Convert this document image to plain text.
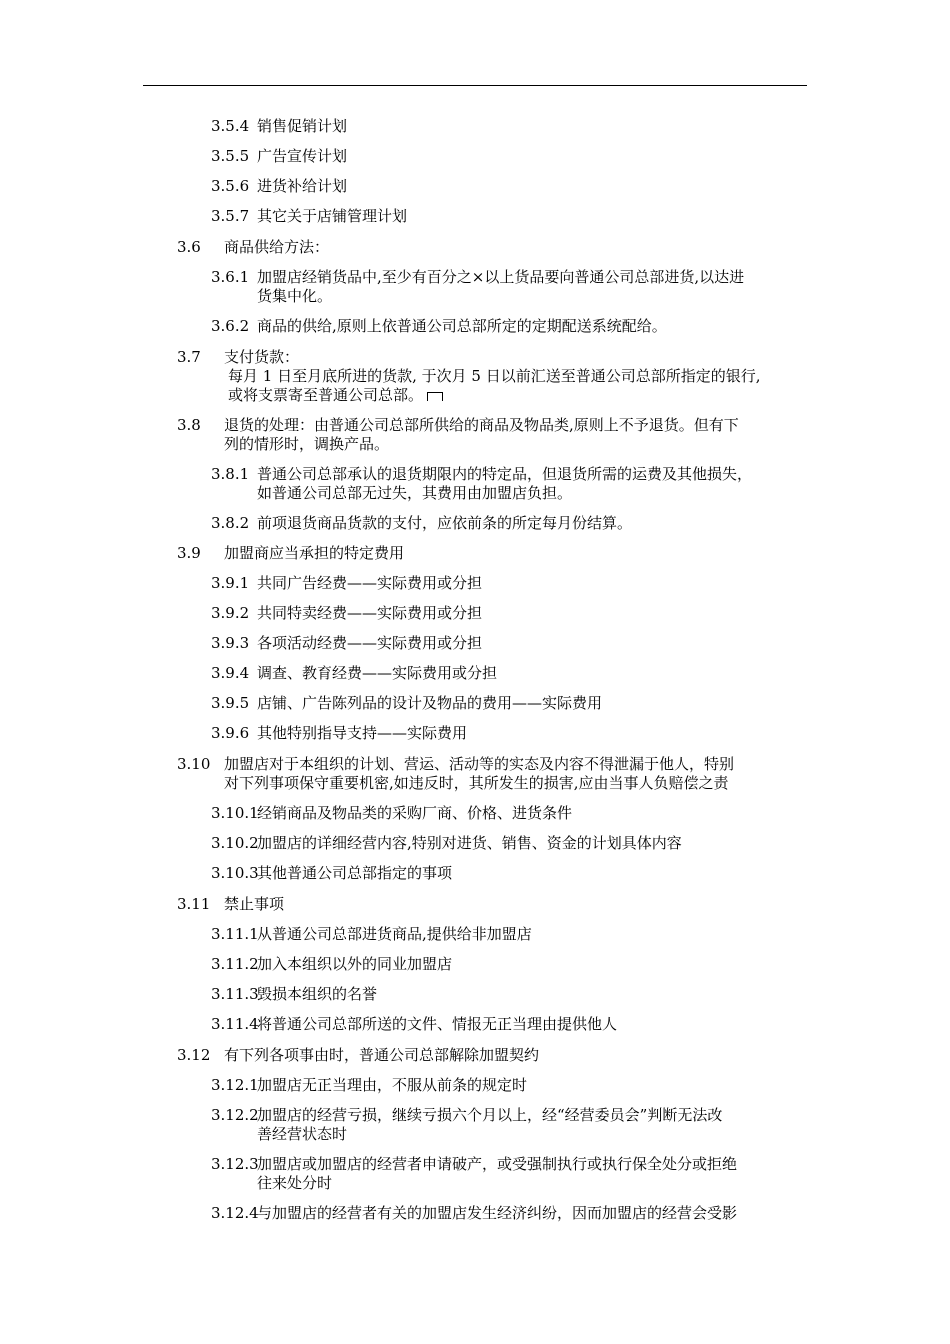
3.5.4 销售促销计划
3.5.5 广告宣传计划
3.5.6 进货补给计划
3.5.7 其它关于店铺管理计划
3.6 商品供给方法：
3.6.1 加盟店经销货品中,至少有百分之×以上货品要向普通公司总部进货,以达进
货集中化。
3.6.2 商品的供给,原则上依普通公司总部所定的定期配送系统配给。
3.7 支付货款：
每月 1 日至月底所进的货款, 于次月 5 日以前汇送至普通公司总部所指定的银行,
或将支票寄至普通公司总部。
3.8 退货的处理：由普通公司总部所供给的商品及物品类,原则上不予退货。但有下
列的情形时，调换产品。
3.8.1 普通公司总部承认的退货期限内的特定品，但退货所需的运费及其他损失，
如普通公司总部无过失，其费用由加盟店负担。
3.8.2 前项退货商品货款的支付，应依前条的所定每月份结算。
3.9 加盟商应当承担的特定费用
3.9.1 共同广告经费——实际费用或分担
3.9.2 共同特卖经费——实际费用或分担
3.9.3 各项活动经费——实际费用或分担
3.9.4 调查、教育经费——实际费用或分担
3.9.5 店铺、广告陈列品的设计及物品的费用——实际费用
3.9.6 其他特别指导支持——实际费用
3.10 加盟店对于本组织的计划、营运、活动等的实态及内容不得泄漏于他人，特别
对下列事项保守重要机密,如违反时，其所发生的损害,应由当事人负赔偿之责
3.10.1
经销商品及物品类的采购厂商、价格、进货条件
3.10.2
加盟店的详细经营内容,特别对进货、销售、资金的计划具体内容
3.10.3
其他普通公司总部指定的事项
3.11 禁止事项
3.11.1
从普通公司总部进货商品,提供给非加盟店
3.11.2
加入本组织以外的同业加盟店
3.11.3
毁损本组织的名誉
3.11.4
将普通公司总部所送的文件、情报无正当理由提供他人
3.12 有下列各项事由时，普通公司总部解除加盟契约
3.12.1
加盟店无正当理由，不服从前条的规定时
3.12.2
加盟店的经营亏损，继续亏损六个月以上，经“经营委员会”判断无法改
善经营状态时
3.12.3
加盟店或加盟店的经营者申请破产，或受强制执行或执行保全处分或拒绝
往来处分时
3.12.4
与加盟店的经营者有关的加盟店发生经济纠纷，因而加盟店的经营会受影
